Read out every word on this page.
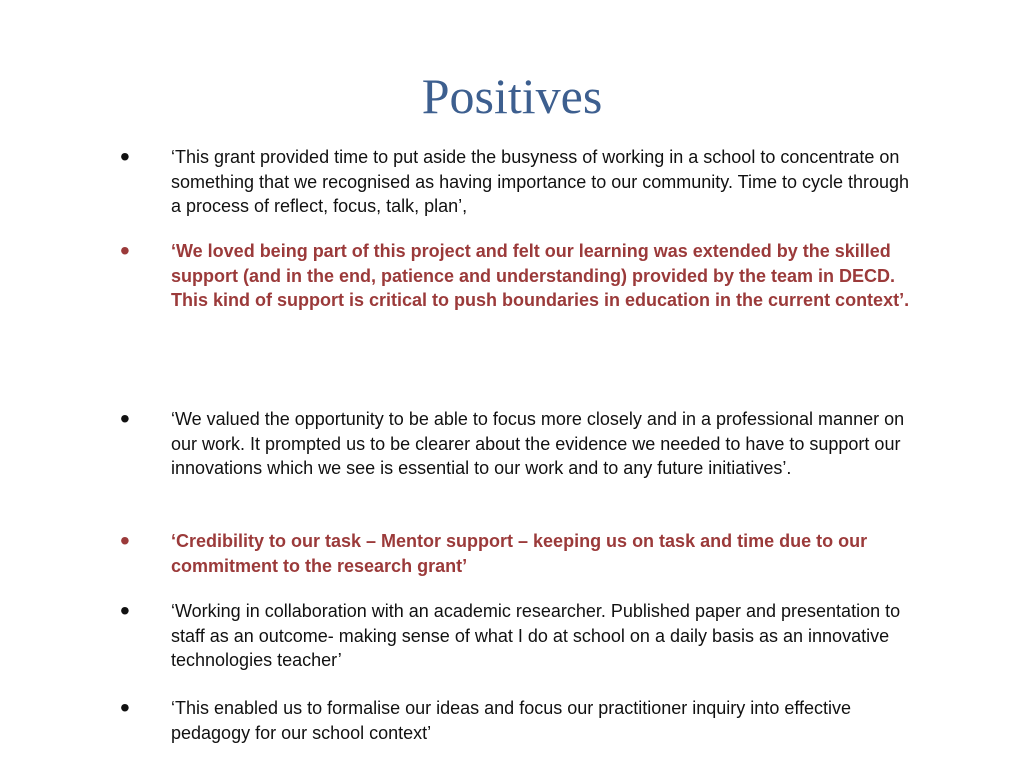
Positives
•	‘This grant provided time to put aside the busyness of working in a school to concentrate on something that we recognised as having importance to our community. Time to cycle through a process of reflect, focus, talk, plan’,
•	‘We loved being part of this project and felt our learning was extended by the skilled support (and in the end, patience and understanding) provided by the team in DECD. This kind of support is critical to push boundaries in education in the current context’.
•	‘We valued the opportunity to be able to focus more closely and in a professional manner on our work. It prompted us to be clearer about the evidence we needed to have to support our innovations which we see is essential to our work and to any future initiatives’.
•	‘Credibility to our task – Mentor support – keeping us on task and time due to our commitment to the research grant’
•	‘Working in collaboration with an academic researcher. Published paper and presentation to staff as an outcome- making sense of what I do at school on a daily basis as an innovative technologies teacher’
•	‘This enabled us to formalise our ideas and focus our practitioner inquiry into effective pedagogy for our school context’
